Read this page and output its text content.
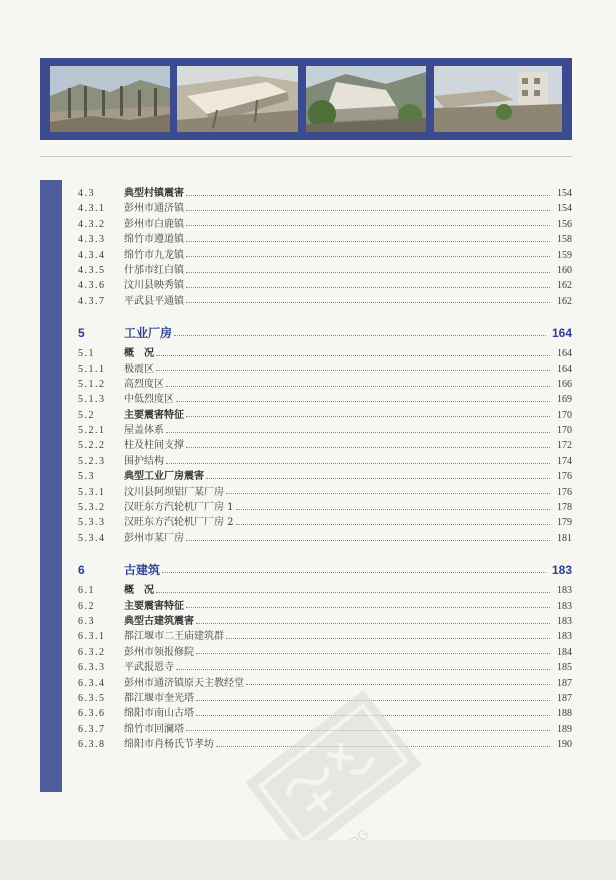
4.3	典型村镇震害	154
4.3.1	彭州市通济镇	154
4.3.2	彭州市白鹿镇	156
4.3.3	绵竹市遵道镇	158
4.3.4	绵竹市九龙镇	159
4.3.5	什邡市红白镇	160
4.3.6	汶川县映秀镇	162
4.3.7	平武县平通镇	162
5	工业厂房	164
5.1	概　况	164
5.1.1	极震区	164
5.1.2	高烈度区	166
5.1.3	中低烈度区	169
5.2	主要震害特征	170
5.2.1	屋盖体系	170
5.2.2	柱及柱间支撑	172
5.2.3	围护结构	174
5.3	典型工业厂房震害	176
5.3.1	汶川县阿坝铝厂某厂房	176
5.3.2	汉旺东方汽轮机厂厂房 1	178
5.3.3	汉旺东方汽轮机厂厂房 2	179
5.3.4	彭州市某厂房	181
6	古建筑	183
6.1	概　况	183
6.2	主要震害特征	183
6.3	典型古建筑震害	183
6.3.1	都江堰市二王庙建筑群	183
6.3.2	彭州市领报修院	184
6.3.3	平武报恩寺	185
6.3.4	彭州市通济镇原天主教经堂	187
6.3.5	都江堰市奎光塔	187
6.3.6	绵阳市南山古塔	188
6.3.7	绵竹市回澜塔	189
6.3.8	绵阳市肖杨氏节孝坊	190
